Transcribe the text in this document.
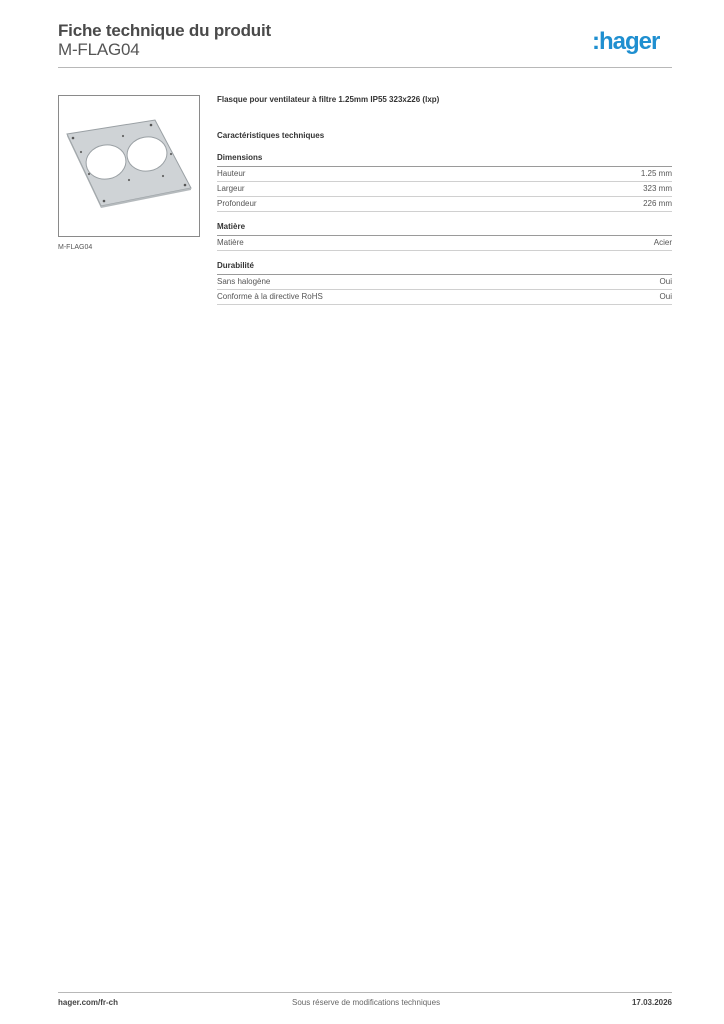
Fiche technique du produit
M-FLAG04	:hager
M-FLAG04
Flasque pour ventilateur à filtre 1.25mm IP55 323x226 (lxp)
Caractéristiques techniques
Dimensions
Hauteur	1.25 mm
Largeur	323 mm
Profondeur	226 mm
Matière
Matière	Acier
Durabilité
Sans halogène	Oui
Conforme à la directive RoHS	Oui
hager.com/fr-ch	Sous réserve de modifications techniques	17.03.2026
